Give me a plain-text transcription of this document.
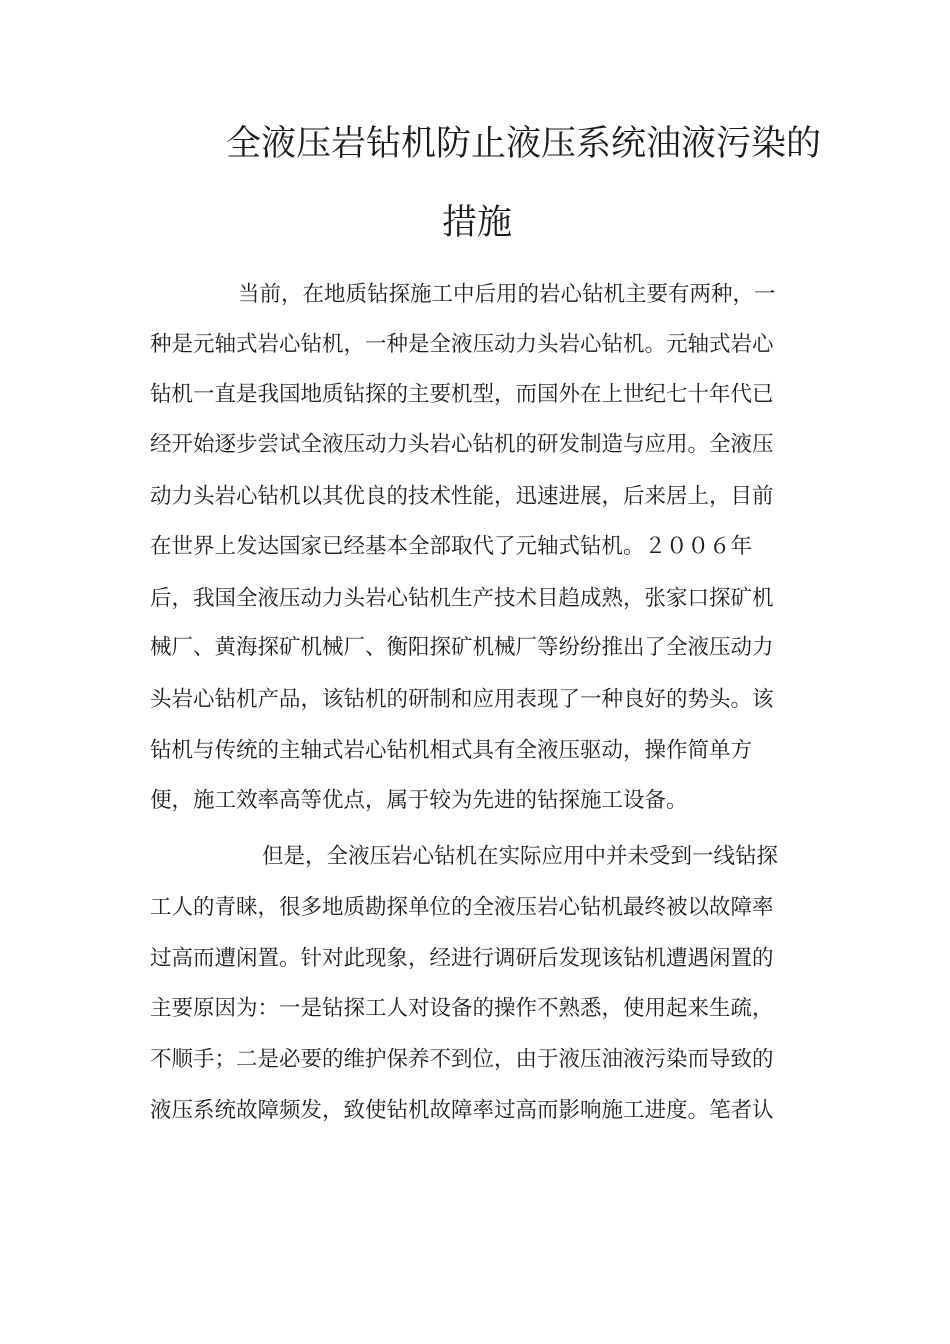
全液压岩钻机防止液压系统油液污染的
措施
当前，在地质钻探施工中后用的岩心钻机主要有两种，一
种是元轴式岩心钻机，一种是全液压动力头岩心钻机。元轴式岩心
钻机一直是我国地质钻探的主要机型，而国外在上世纪七十年代已
经开始逐步尝试全液压动力头岩心钻机的研发制造与应用。全液压
动力头岩心钻机以其优良的技术性能，迅速进展，后来居上，目前
在世界上发达国家已经基本全部取代了元轴式钻机。２００６年
后，我国全液压动力头岩心钻机生产技术目趋成熟，张家口探矿机
械厂、黄海探矿机械厂、衡阳探矿机械厂等纷纷推出了全液压动力
头岩心钻机产品，该钻机的研制和应用表现了一种良好的势头。该
钻机与传统的主轴式岩心钻机相式具有全液压驱动，操作简单方
便，施工效率高等优点，属于较为先进的钻探施工设备。
但是，全液压岩心钻机在实际应用中并未受到一线钻探
工人的青睐，很多地质勘探单位的全液压岩心钻机最终被以故障率
过高而遭闲置。针对此现象，经进行调研后发现该钻机遭遇闲置的
主要原因为：一是钻探工人对设备的操作不熟悉，使用起来生疏，
不顺手；二是必要的维护保养不到位，由于液压油液污染而导致的
液压系统故障频发，致使钻机故障率过高而影响施工进度。笔者认
